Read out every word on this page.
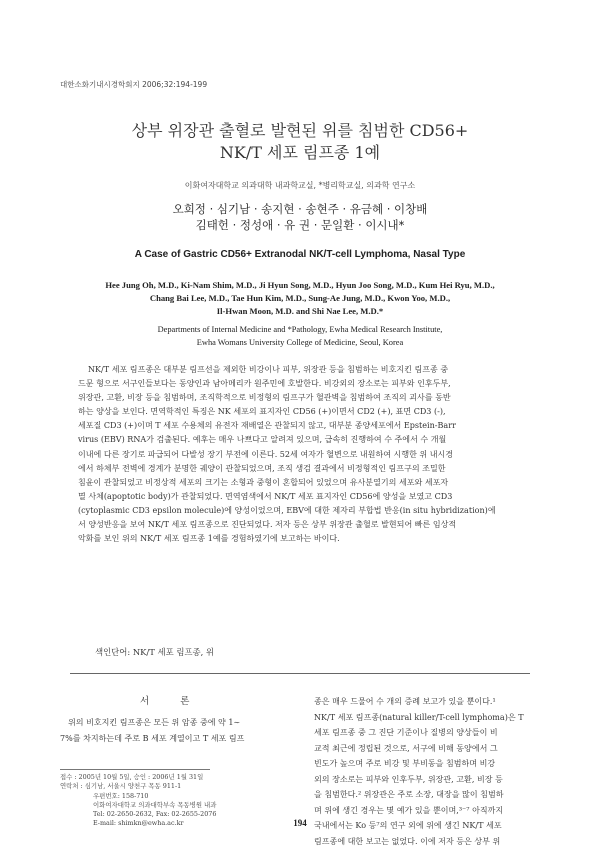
대한소화기내시경학회지 2006;32:194-199
상부 위장관 출혈로 발현된 위를 침범한 CD56+
NK/T 세포 림프종 1예
이화여자대학교 의과대학 내과학교실, *병리학교실, 의과학 연구소
오희정 · 심기남 · 송지현 · 송현주 · 유금혜 · 이창배
김태헌 · 정성애 · 유 권 · 문일환 · 이시내*
A Case of Gastric CD56+ Extranodal NK/T-cell Lymphoma, Nasal Type
Hee Jung Oh, M.D., Ki-Nam Shim, M.D., Ji Hyun Song, M.D., Hyun Joo Song, M.D., Kum Hei Ryu, M.D.,
Chang Bai Lee, M.D., Tae Hun Kim, M.D., Sung-Ae Jung, M.D., Kwon Yoo, M.D.,
Il-Hwan Moon, M.D. and Shi Nae Lee, M.D.*
Departments of Internal Medicine and *Pathology, Ewha Medical Research Institute,
Ewha Womans University College of Medicine, Seoul, Korea
NK/T 세포 림프종은 대부분 림프선을 제외한 비강이나 피부, 위장관 등을 침범하는 비호지킨 림프종 중
드문 형으로 서구인들보다는 동양인과 남아메리카 원주민에 호발한다. 비강외의 장소로는 피부와 인후두부,
위장관, 고환, 비장 등을 침범하며, 조직학적으로 비정형의 림프구가 혈관벽을 침범하여 조직의 괴사를 동반
하는 양상을 보인다. 면역학적인 특징은 NK 세포의 표지자인 CD56 (+)이면서 CD2 (+), 표면 CD3 (-),
세포질 CD3 (+)이며 T 세포 수용체의 유전자 재배열은 관찰되지 않고, 대부분 종양세포에서 Epstein-Barr
virus (EBV) RNA가 검출된다. 예후는 매우 나쁘다고 알려져 있으며, 급속히 진행하여 수 주에서 수 개월
이내에 다른 장기로 파급되어 다발성 장기 부전에 이른다. 52세 여자가 혈변으로 내원하여 시행한 위 내시경
에서 하체부 전벽에 경계가 분명한 궤양이 관찰되었으며, 조직 생검 결과에서 비정형적인 림프구의 조밀한
침윤이 관찰되었고 비정상적 세포의 크기는 소형과 중형이 혼합되어 있었으며 유사분열기의 세포와 세포자
멸 사체(apoptotic body)가 관찰되었다. 면역염색에서 NK/T 세포 표지자인 CD56에 양성을 보였고 CD3
(cytoplasmic CD3 epsilon molecule)에 양성이었으며, EBV에 대한 제자리 부합법 반응(in situ hybridization)에
서 양성반응을 보여 NK/T 세포 림프종으로 진단되었다. 저자 등은 상부 위장관 출혈로 발현되어 빠른 임상적
악화를 보인 위의 NK/T 세포 림프종 1예를 경험하였기에 보고하는 바이다.
색인단어: NK/T 세포 림프종, 위
서 론
위의 비호지킨 림프종은 모든 위 암종 중에 약 1∼
7%를 차지하는데 주로 B 세포 계열이고 T 세포 림프
접수 : 2005년 10월 5일, 승인 : 2006년 1월 31일
연락처 : 심기남, 서울시 양천구 목동 911-1
우편번호: 158-710
이화여자대학교 의과대학부속 목동병원 내과
Tel: 02-2650-2632, Fax: 02-2655-2076
E-mail: shimkn@ewha.ac.kr
종은 매우 드물어 수 개의 증례 보고가 있을 뿐이다.¹
NK/T 세포 림프종(natural killer/T-cell lymphoma)은 T
세포 림프종 중 그 진단 기준이나 질병의 양상들이 비
교적 최근에 정립된 것으로, 서구에 비해 동양에서 그
빈도가 높으며 주로 비강 및 부비동을 침범하며 비강
외의 장소로는 피부와 인후두부, 위장관, 고환, 비장 등
을 침범한다.² 위장관은 주로 소장, 대장을 많이 침범하
며 위에 생긴 경우는 몇 예가 있을 뿐이며,³⁻⁷ 아직까지
국내에서는 Ko 등⁷의 연구 외에 위에 생긴 NK/T 세포
림프종에 대한 보고는 없었다. 이에 저자 등은 상부 위
194
